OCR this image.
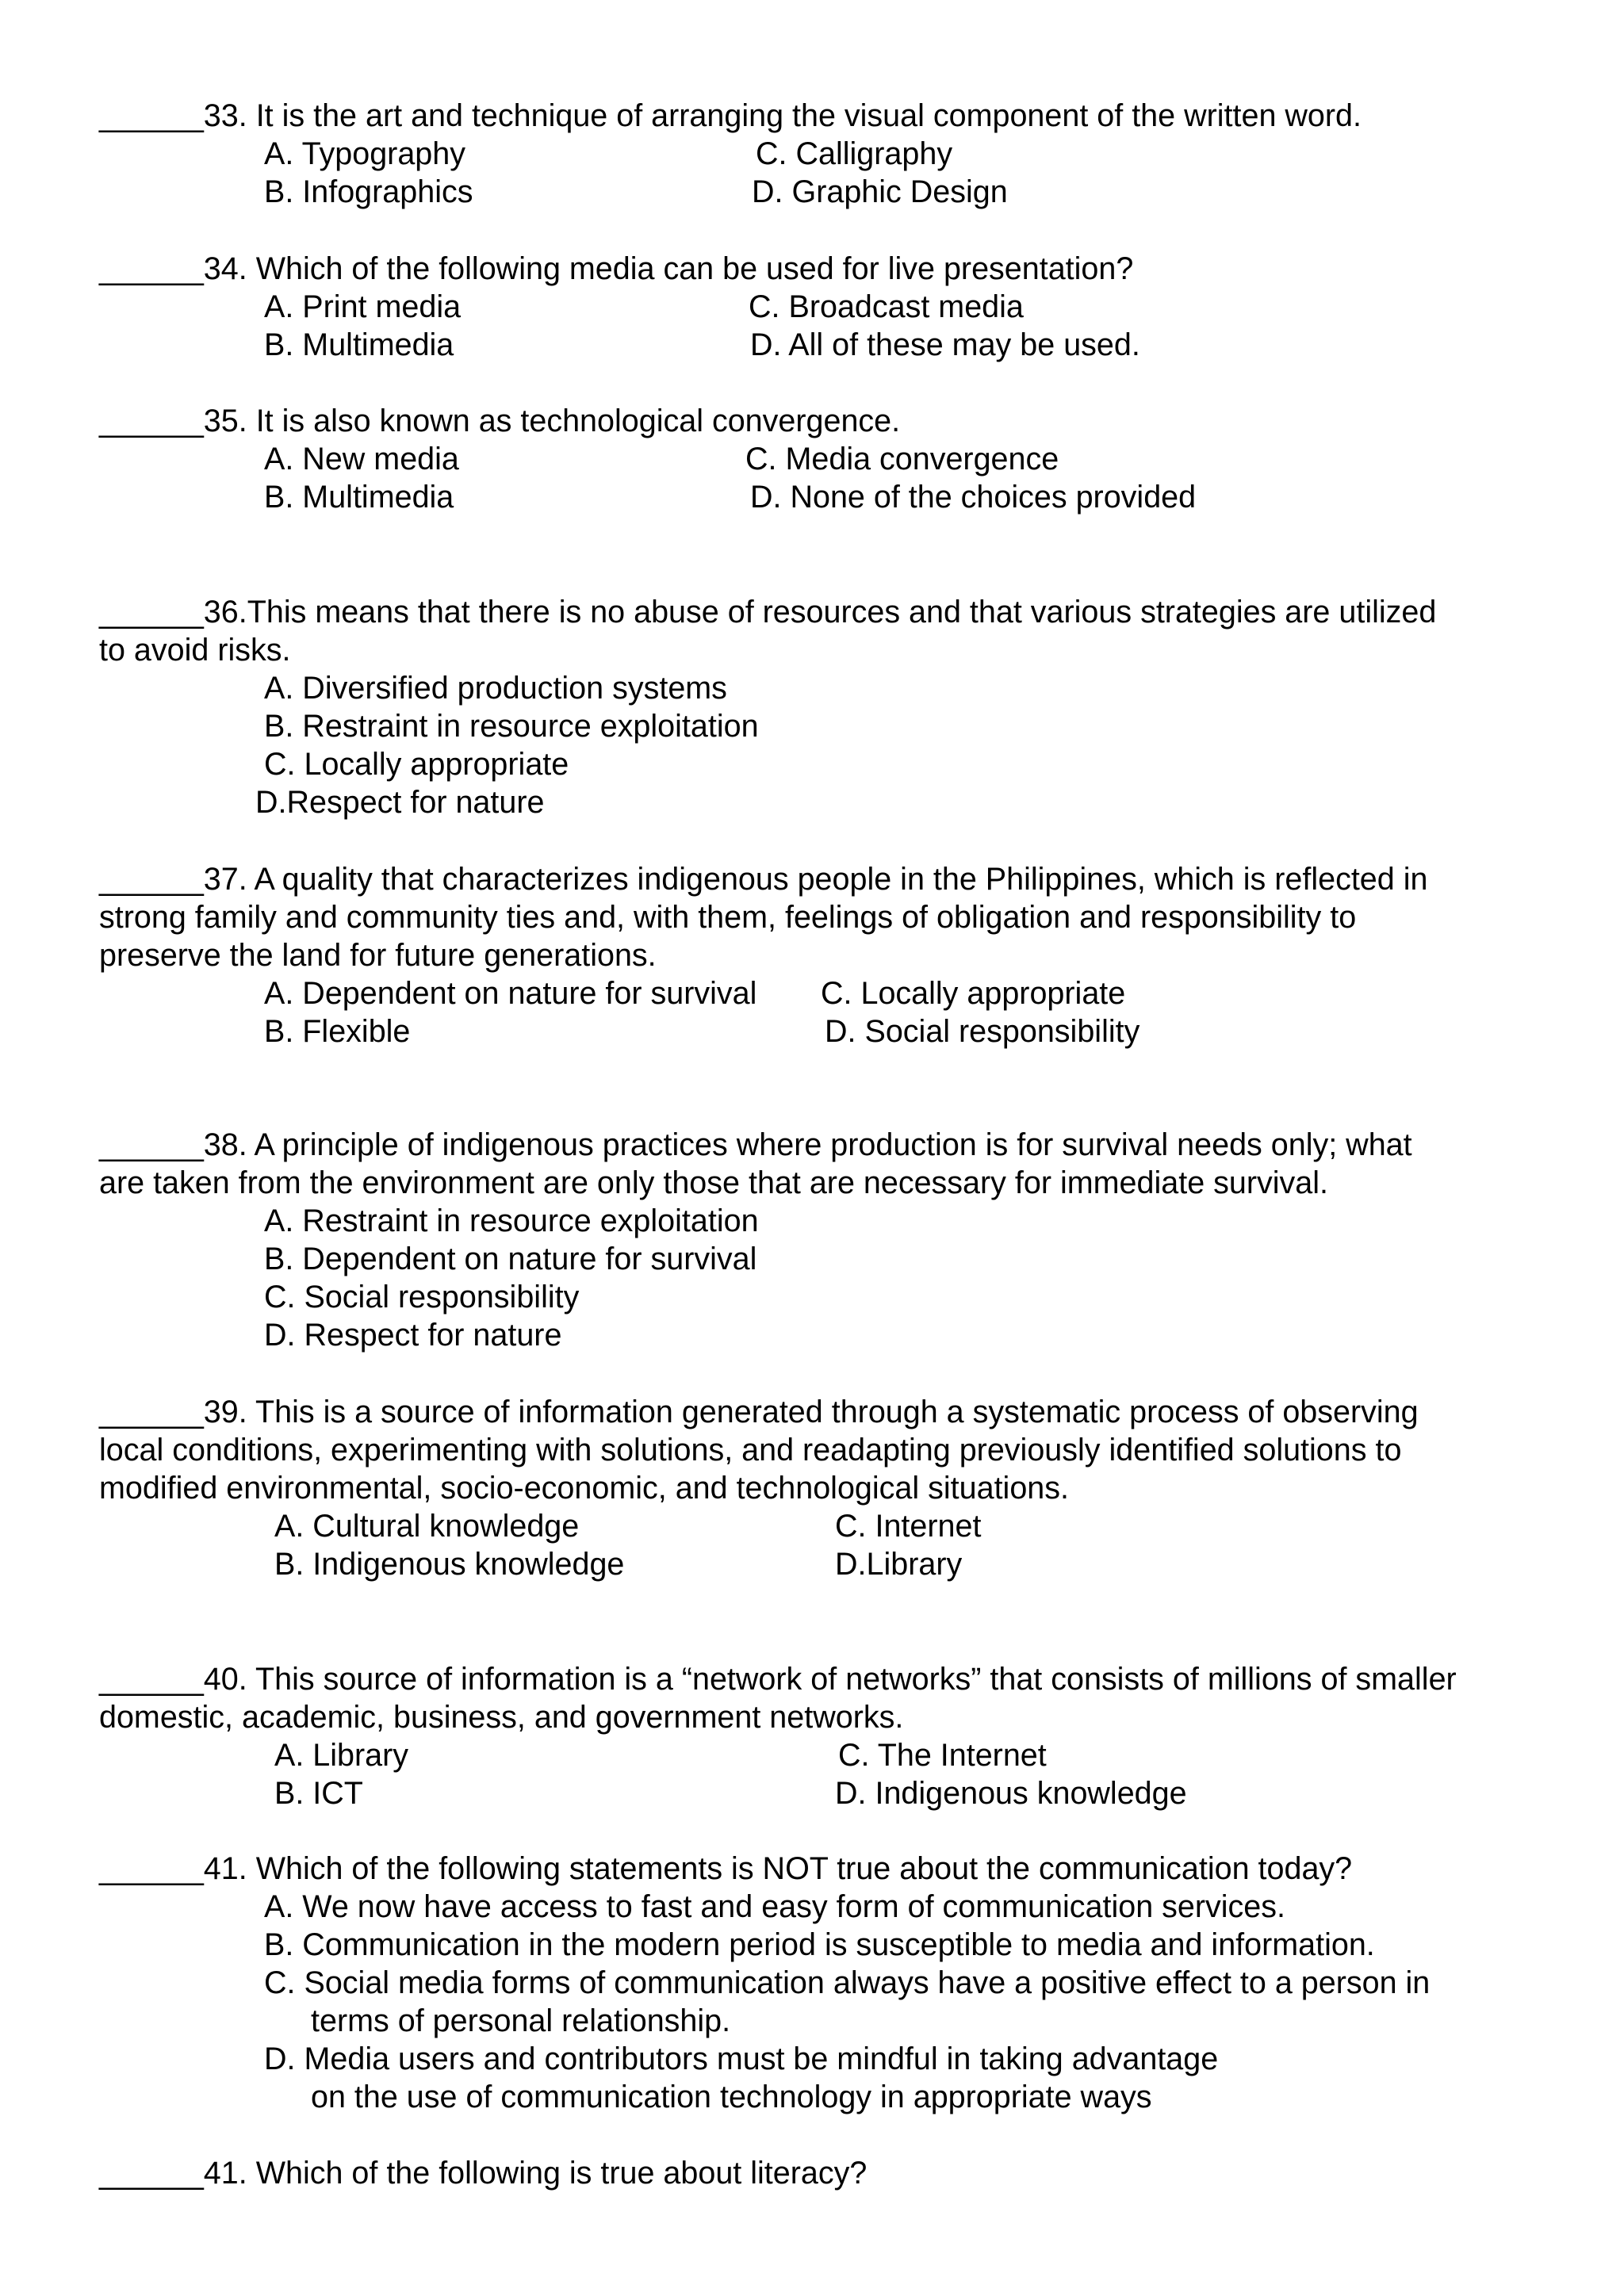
______33. It is the art and technique of arranging the visual component of the written word.
A. Typography	C. Calligraphy
B. Infographics	D. Graphic Design
______34. Which of the following media can be used for live presentation?
A. Print media	C. Broadcast media
B. Multimedia	D. All of these may be used.
______35. It is also known as technological convergence.
A. New media	C. Media convergence
B. Multimedia	D. None of the choices provided
______36.This means that there is no abuse of resources and that various strategies are utilized
to avoid risks.
A. Diversified production systems
B. Restraint in resource exploitation
C. Locally appropriate
D.Respect for nature
______37. A quality that characterizes indigenous people in the Philippines, which is reflected in
strong family and community ties and, with them, feelings of obligation and responsibility to
preserve the land for future generations.
A. Dependent on nature for survival C. Locally appropriate
B. Flexible	D. Social responsibility
______38. A principle of indigenous practices where production is for survival needs only; what
are taken from the environment are only those that are necessary for immediate survival.
A. Restraint in resource exploitation
B. Dependent on nature for survival
C. Social responsibility
D. Respect for nature
______39. This is a source of information generated through a systematic process of observing
local conditions, experimenting with solutions, and readapting previously identified solutions to
modified environmental, socio-economic, and technological situations.
A. Cultural knowledge	C. Internet
B. Indigenous knowledge	D.Library
______40. This source of information is a “network of networks” that consists of millions of smaller
domestic, academic, business, and government networks.
A. Library	C. The Internet
B. ICT	D. Indigenous knowledge
______41. Which of the following statements is NOT true about the communication today?
A. We now have access to fast and easy form of communication services.
B. Communication in the modern period is susceptible to media and information.
C. Social media forms of communication always have a positive effect to a person in
terms of personal relationship.
D. Media users and contributors must be mindful in taking advantage
on the use of communication technology in appropriate ways
______41. Which of the following is true about literacy?
